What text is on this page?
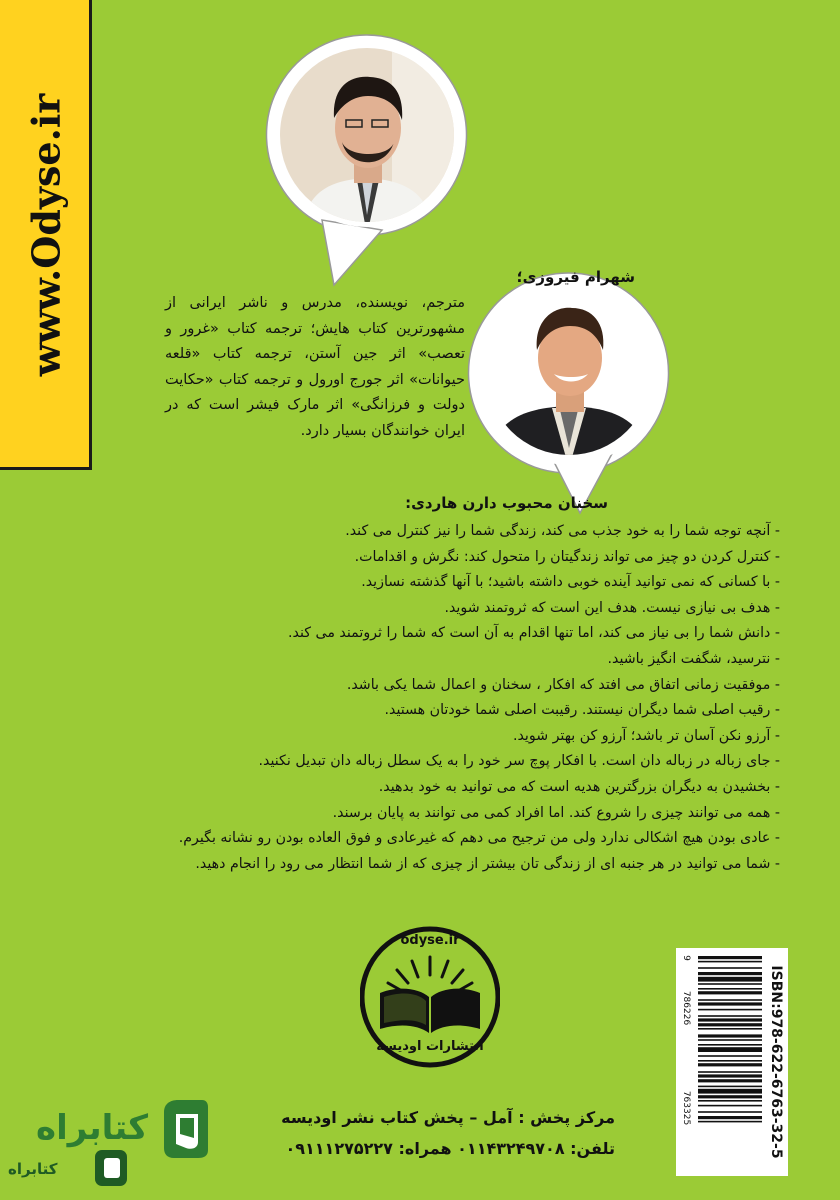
www.Odyse.ir	شهرام فیروزی؛
مترجم، نویسنده، مدرس و ناشر ایرانی از مشهورترین کتاب هایش؛ ترجمه کتاب «غرور و تعصب» اثر جین آستن، ترجمه کتاب «قلعه حیوانات» اثر جورج اورول و ترجمه کتاب «حکایت دولت و فرزانگی» اثر مارک فیشر است که در ایران خوانندگان بسیار دارد.
سخنان محبوب دارن هاردی:
- آنچه توجه شما را به خود جذب می کند، زندگی شما را نیز کنترل می کند.
- کنترل کردن دو چیز می تواند زندگیتان را متحول کند: نگرش و اقدامات.
- با کسانی که نمی توانید آینده خوبی داشته باشید؛ با آنها گذشته نسازید.
- هدف بی نیازی نیست. هدف این است که ثروتمند شوید.
- دانش شما را بی نیاز می کند، اما تنها اقدام به آن است که شما را ثروتمند می کند.
- نترسید، شگفت انگیز باشید.
- موفقیت زمانی اتفاق می افتد که افکار ، سخنان و اعمال شما یکی باشد.
- رقیب اصلی شما دیگران نیستند. رقیبت اصلی شما خودتان هستید.
- آرزو نکن آسان تر باشد؛ آرزو کن بهتر شوید.
- جای زباله در زباله دان است. با افکار پوچ سر خود را به یک سطل زباله دان تبدیل نکنید.
- بخشیدن به دیگران بزرگترین هدیه است که می توانید به خود بدهید.
- همه می توانند چیزی را شروع کند. اما افراد کمی می توانند به پایان برسند.
- عادی بودن هیچ اشکالی ندارد ولی من ترجیح می دهم که غیرعادی و فوق العاده بودن رو نشانه بگیرم.
- شما می توانید در هر جنبه ای از زندگی تان بیشتر از چیزی که از شما انتظار می رود را انجام دهید.
odyse.ir
انتشارات اودیسه	ISBN:978-622-6763-32-5
9
786226
763325
مرکز پخش : آمل – پخش کتاب نشر اودیسه
تلفن: ۰۱۱۴۳۲۴۹۷۰۸ همراه: ۰۹۱۱۱۲۷۵۲۲۷
کتابراه
کتابراه
